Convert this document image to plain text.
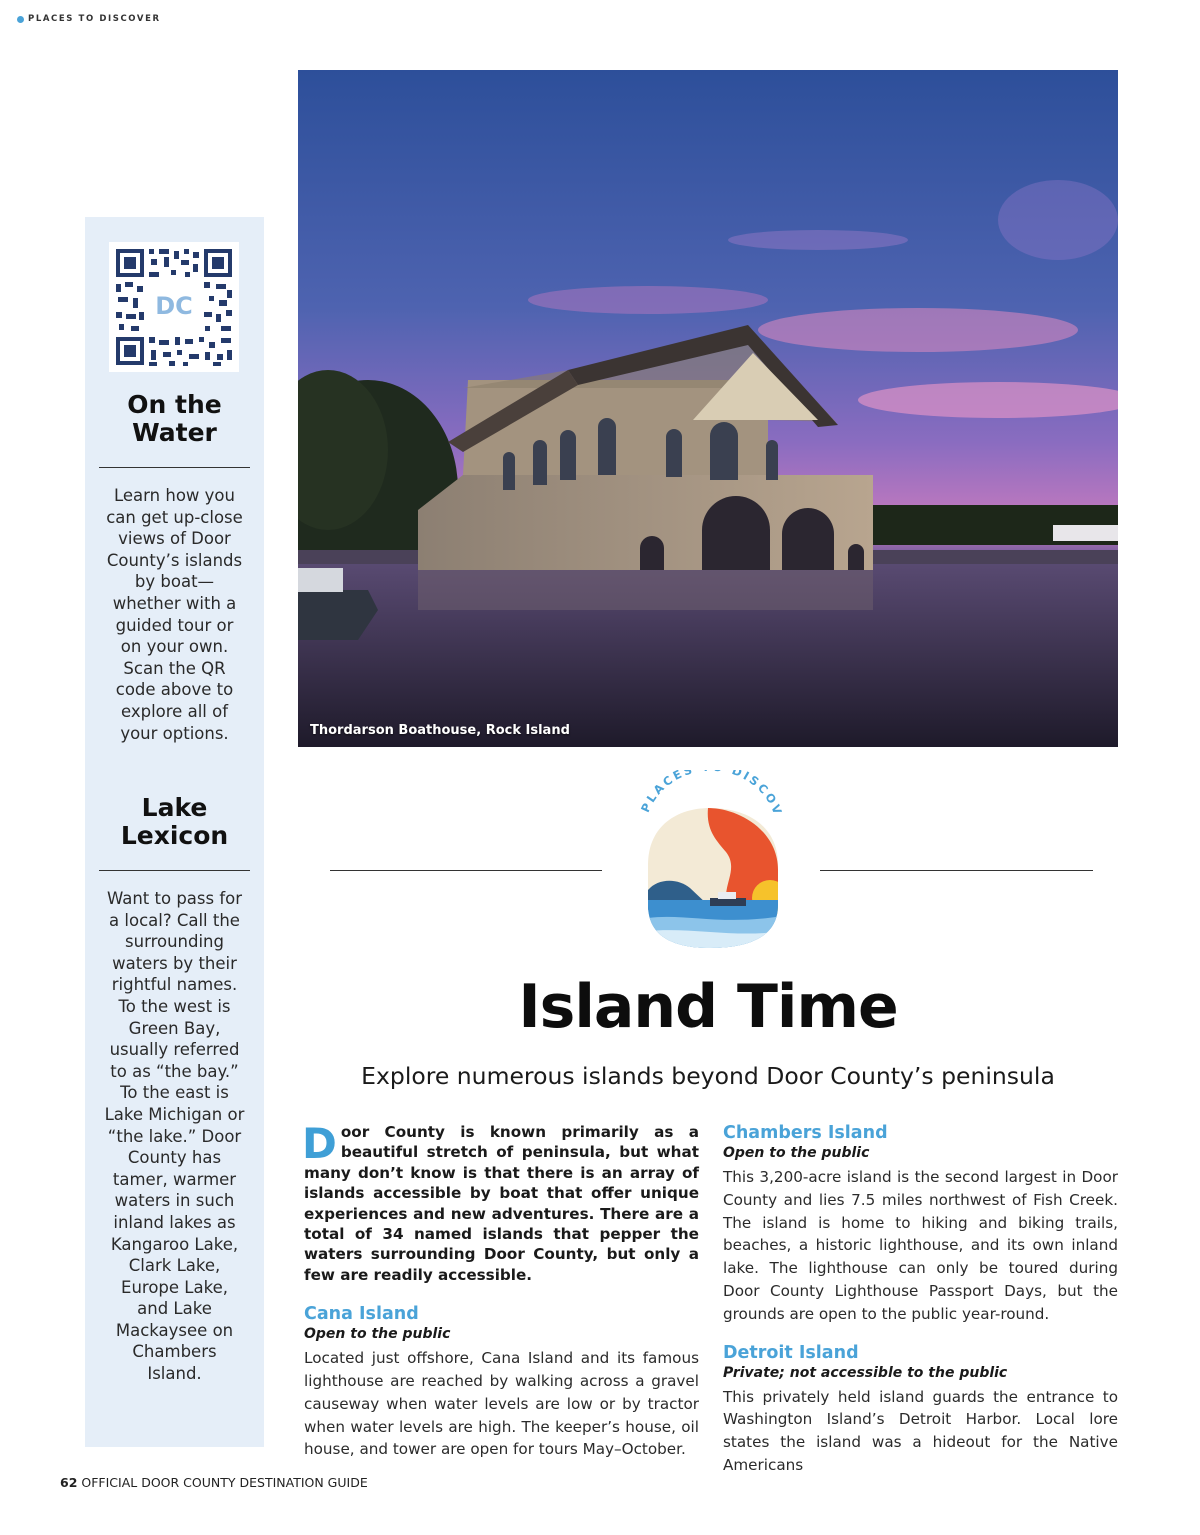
PLACES TO DISCOVER
DC
On the Water
Learn how you can get up-close views of Door County’s islands by boat—whether with a guided tour or on your own. Scan the QR code above to explore all of your options.
Lake Lexicon
Want to pass for a local? Call the surrounding waters by their rightful names. To the west is Green Bay, usually referred to as “the bay.” To the east is Lake Michigan or “the lake.” Door County has tamer, warmer waters in such inland lakes as Kangaroo Lake, Clark Lake, Europe Lake, and Lake Mackaysee on Chambers Island.
Thordarson Boathouse, Rock Island
PLACES DISCOV
Island Time
Explore numerous islands beyond Door County’s peninsula

Door County is known primarily as a beautiful stretch of peninsula, but what many don’t know is that there is an array of islands accessible by boat that offer unique experiences and new adventures. There are a total of 34 named islands that pepper the waters surrounding Door County, but only a few are readily accessible.

Cana Island

Open to the public

Located just offshore, Cana Island and its famous lighthouse are reached by walking across a gravel causeway when water levels are low or by tractor when water levels are high. The keeper’s house, oil house, and tower are open for tours May–October.

Chambers Island

Open to the public

This 3,200-acre island is the second largest in Door County and lies 7.5 miles northwest of Fish Creek. The island is home to hiking and biking trails, beaches, a historic lighthouse, and its own inland lake. The lighthouse can only be toured during Door County Lighthouse Passport Days, but the grounds are open to the public year-round.

Detroit Island

Private; not accessible to the public

This privately held island guards the entrance to Washington Island’s Detroit Harbor. Local lore states the island was a hideout for the Native Americans

62 OFFICIAL DOOR COUNTY DESTINATION GUIDE
